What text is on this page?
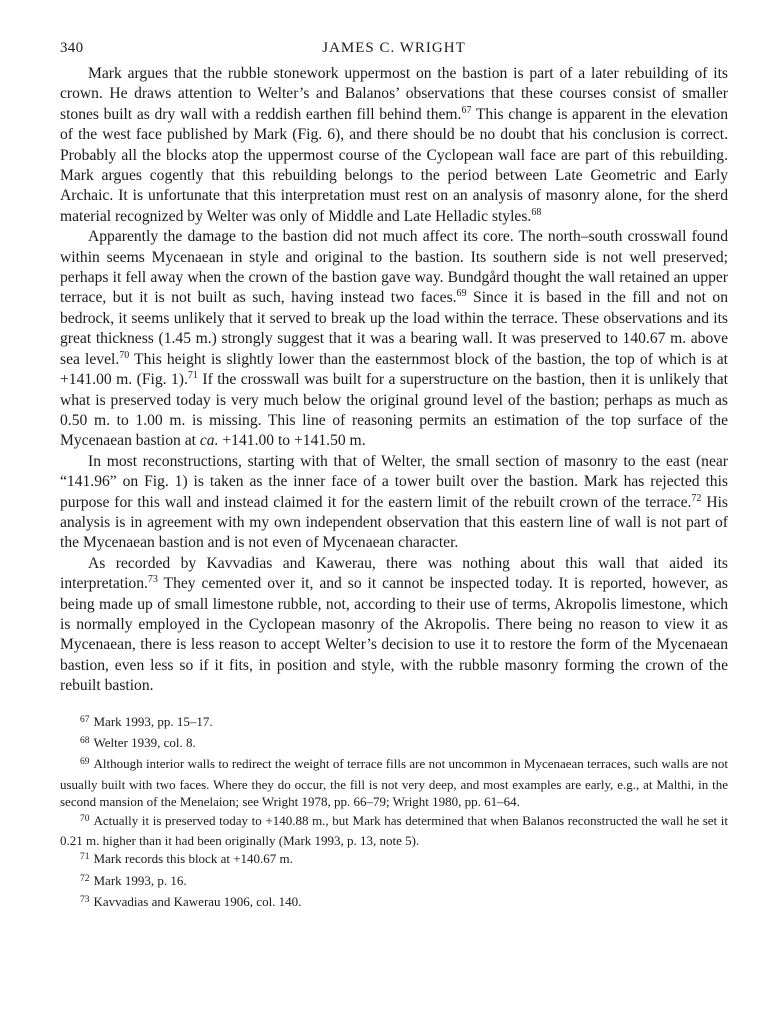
340	JAMES C. WRIGHT

Mark argues that the rubble stonework uppermost on the bastion is part of a later rebuilding of its crown. He draws attention to Welter’s and Balanos’ observations that these courses consist of smaller stones built as dry wall with a reddish earthen fill behind them.$^{67}$ This change is apparent in the elevation of the west face published by Mark (Fig. 6), and there should be no doubt that his conclusion is correct. Probably all the blocks atop the uppermost course of the Cyclopean wall face are part of this rebuilding. Mark argues cogently that this rebuilding belongs to the period between Late Geometric and Early Archaic. It is unfortunate that this interpretation must rest on an analysis of masonry alone, for the sherd material recognized by Welter was only of Middle and Late Helladic styles.$^{68}$

Apparently the damage to the bastion did not much affect its core. The north–south crosswall found within seems Mycenaean in style and original to the bastion. Its southern side is not well preserved; perhaps it fell away when the crown of the bastion gave way. Bundgård thought the wall retained an upper terrace, but it is not built as such, having instead two faces.$^{69}$ Since it is based in the fill and not on bedrock, it seems unlikely that it served to break up the load within the terrace. These observations and its great thickness (1.45 m.) strongly suggest that it was a bearing wall. It was preserved to 140.67 m. above sea level.$^{70}$ This height is slightly lower than the easternmost block of the bastion, the top of which is at +141.00 m. (Fig. 1).$^{71}$ If the crosswall was built for a superstructure on the bastion, then it is unlikely that what is preserved today is very much below the original ground level of the bastion; perhaps as much as 0.50 m. to 1.00 m. is missing. This line of reasoning permits an estimation of the top surface of the Mycenaean bastion at ca. +141.00 to +141.50 m.

In most reconstructions, starting with that of Welter, the small section of masonry to the east (near “141.96” on Fig. 1) is taken as the inner face of a tower built over the bastion. Mark has rejected this purpose for this wall and instead claimed it for the eastern limit of the rebuilt crown of the terrace.$^{72}$ His analysis is in agreement with my own independent observation that this eastern line of wall is not part of the Mycenaean bastion and is not even of Mycenaean character.

As recorded by Kavvadias and Kawerau, there was nothing about this wall that aided its interpretation.$^{73}$ They cemented over it, and so it cannot be inspected today. It is reported, however, as being made up of small limestone rubble, not, according to their use of terms, Akropolis limestone, which is normally employed in the Cyclopean masonry of the Akropolis. There being no reason to view it as Mycenaean, there is less reason to accept Welter’s decision to use it to restore the form of the Mycenaean bastion, even less so if it fits, in position and style, with the rubble masonry forming the crown of the rebuilt bastion.

$^{67}$ Mark 1993, pp. 15–17.
$^{68}$ Welter 1939, col. 8.
$^{69}$ Although interior walls to redirect the weight of terrace fills are not uncommon in Mycenaean terraces, such walls are not usually built with two faces. Where they do occur, the fill is not very deep, and most examples are early, e.g., at Malthi, in the second mansion of the Menelaion; see Wright 1978, pp. 66–79; Wright 1980, pp. 61–64.
$^{70}$ Actually it is preserved today to +140.88 m., but Mark has determined that when Balanos reconstructed the wall he set it 0.21 m. higher than it had been originally (Mark 1993, p. 13, note 5).
$^{71}$ Mark records this block at +140.67 m.
$^{72}$ Mark 1993, p. 16.
$^{73}$ Kavvadias and Kawerau 1906, col. 140.
